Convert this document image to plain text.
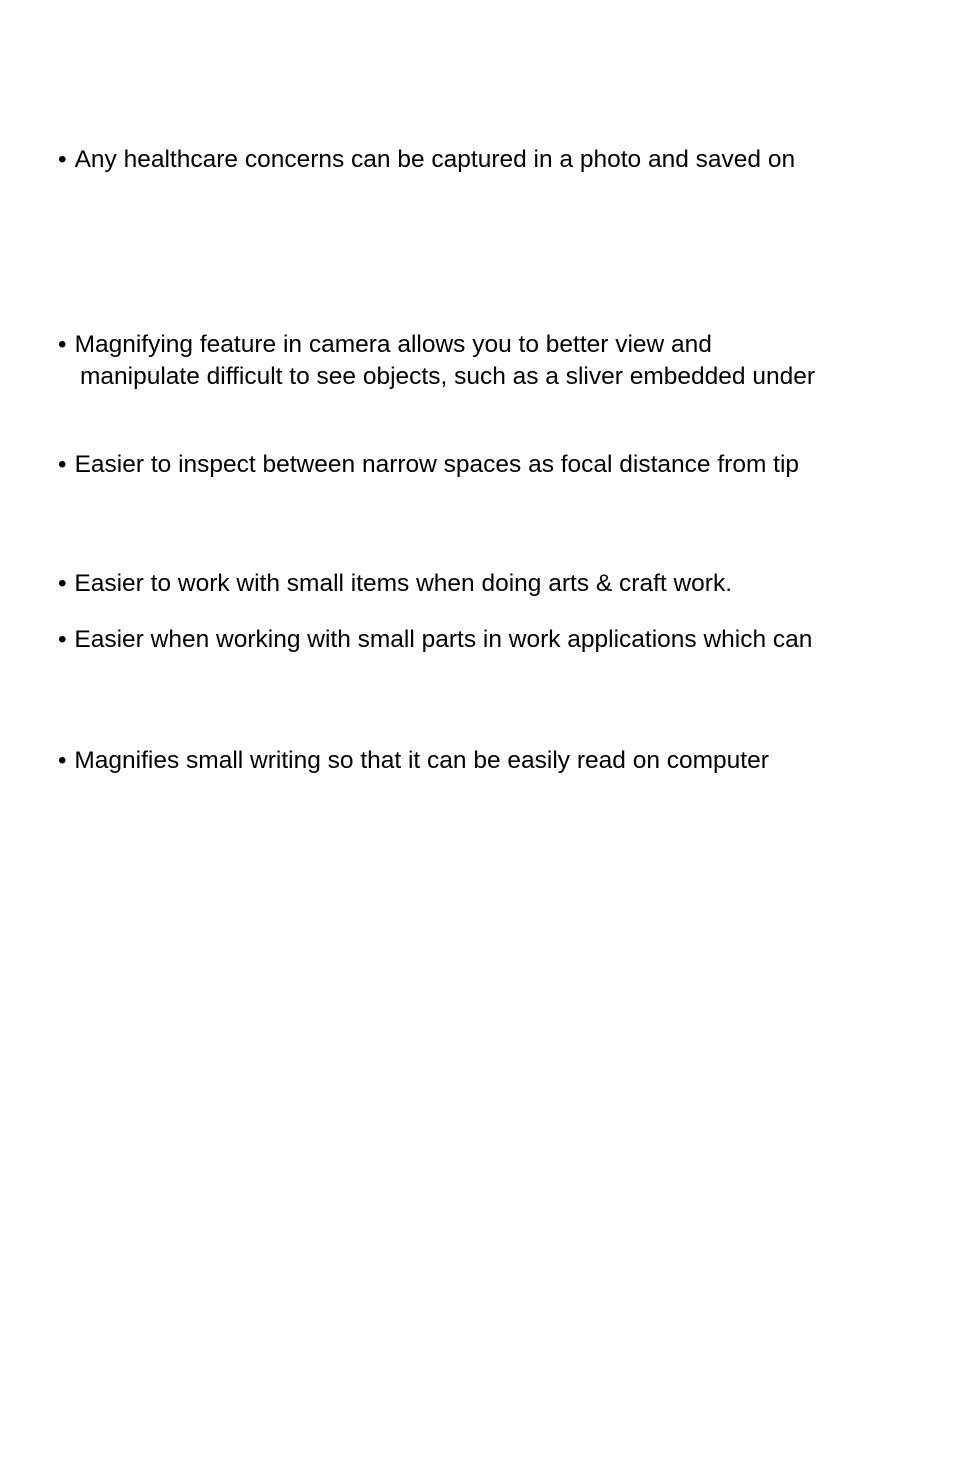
• Any healthcare concerns can be captured in a photo and saved on

• Magnifying feature in camera allows you to better view and

manipulate difficult to see objects, such as a sliver embedded under

• Easier to inspect between narrow spaces as focal distance from tip

• Easier to work with small items when doing arts & craft work.

• Easier when working with small parts in work applications which can

• Magnifies small writing so that it can be easily read on computer
